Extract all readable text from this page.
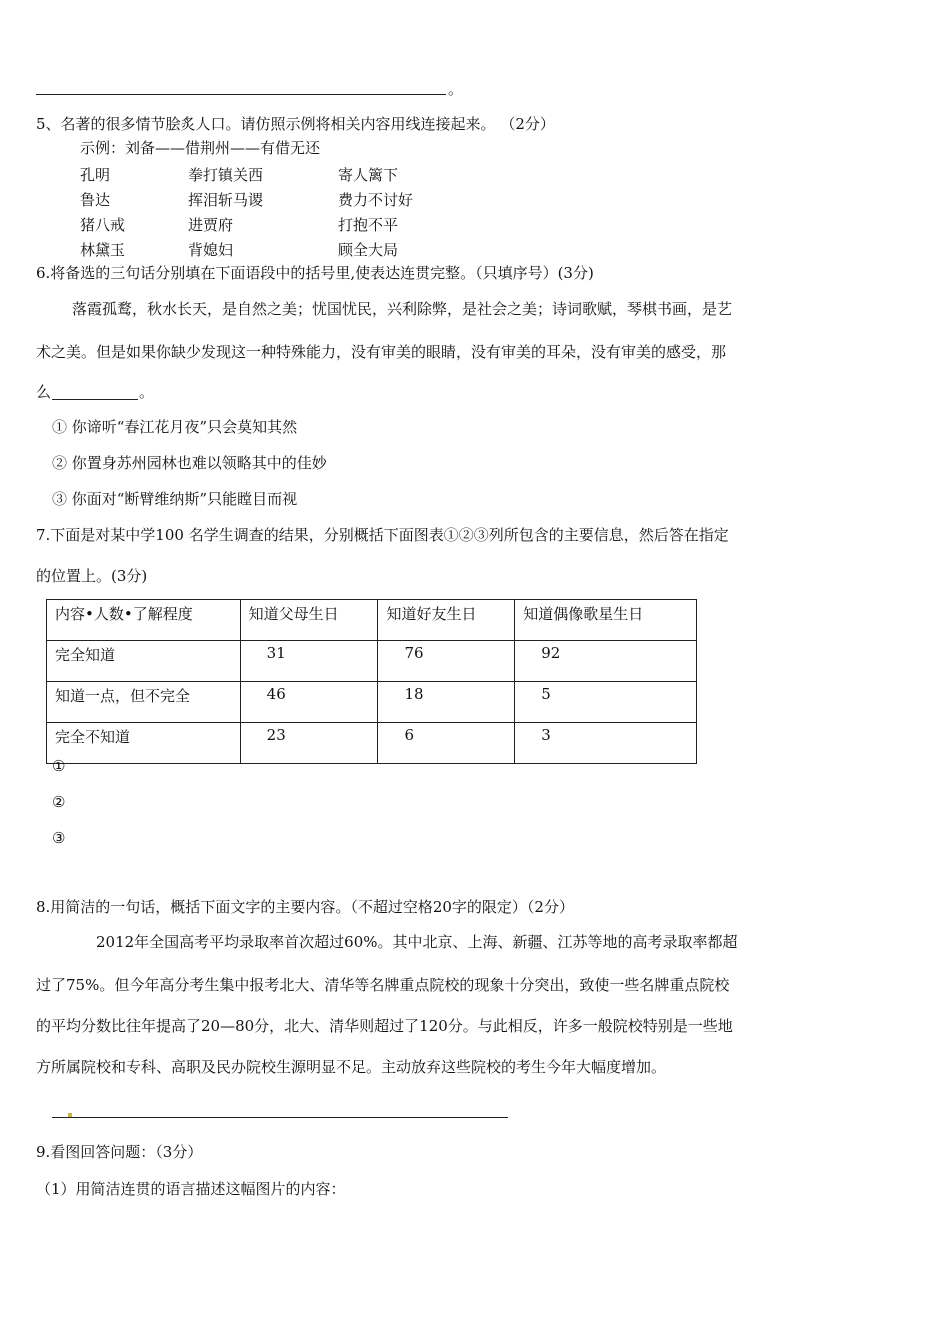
。
5、名著的很多情节脍炙人口。请仿照示例将相关内容用线连接起来。 （2分）
示例：刘备——借荆州——有借无还
孔明	拳打镇关西	寄人篱下
鲁达	挥泪斩马谡	费力不讨好
猪八戒	进贾府	打抱不平
林黛玉	背媳妇	顾全大局
6.将备选的三句话分别填在下面语段中的括号里,使表达连贯完整。（只填序号）(3分)
落霞孤鹜，秋水长天，是自然之美；忧国忧民，兴利除弊，是社会之美；诗词歌赋，琴棋书画，是艺
术之美。但是如果你缺少发现这一种特殊能力，没有审美的眼睛，没有审美的耳朵，没有审美的感受，那
么	。
① 你谛听“春江花月夜”只会莫知其然
② 你置身苏州园林也难以领略其中的佳妙
③ 你面对“断臂维纳斯”只能瞠目而视
7.下面是对某中学100 名学生调查的结果，分别概括下面图表①②③列所包含的主要信息，然后答在指定
的位置上。(3分)
内容•人数•了解程度	知道父母生日	知道好友生日	知道偶像歌星生日
完全知道	31	76	92
知道一点，但不完全	46	18	5
完全不知道	23	6	3
①
②
③
8.用简洁的一句话，概括下面文字的主要内容。（不超过空格20字的限定）（2分）
2012年全国高考平均录取率首次超过60%。其中北京、上海、新疆、江苏等地的高考录取率都超
过了75%。但今年高分考生集中报考北大、清华等名牌重点院校的现象十分突出，致使一些名牌重点院校
的平均分数比往年提高了20—80分，北大、清华则超过了120分。与此相反，许多一般院校特别是一些地
方所属院校和专科、高职及民办院校生源明显不足。主动放弃这些院校的考生今年大幅度增加。
9.看图回答问题：（3分）
（1）用简洁连贯的语言描述这幅图片的内容：
